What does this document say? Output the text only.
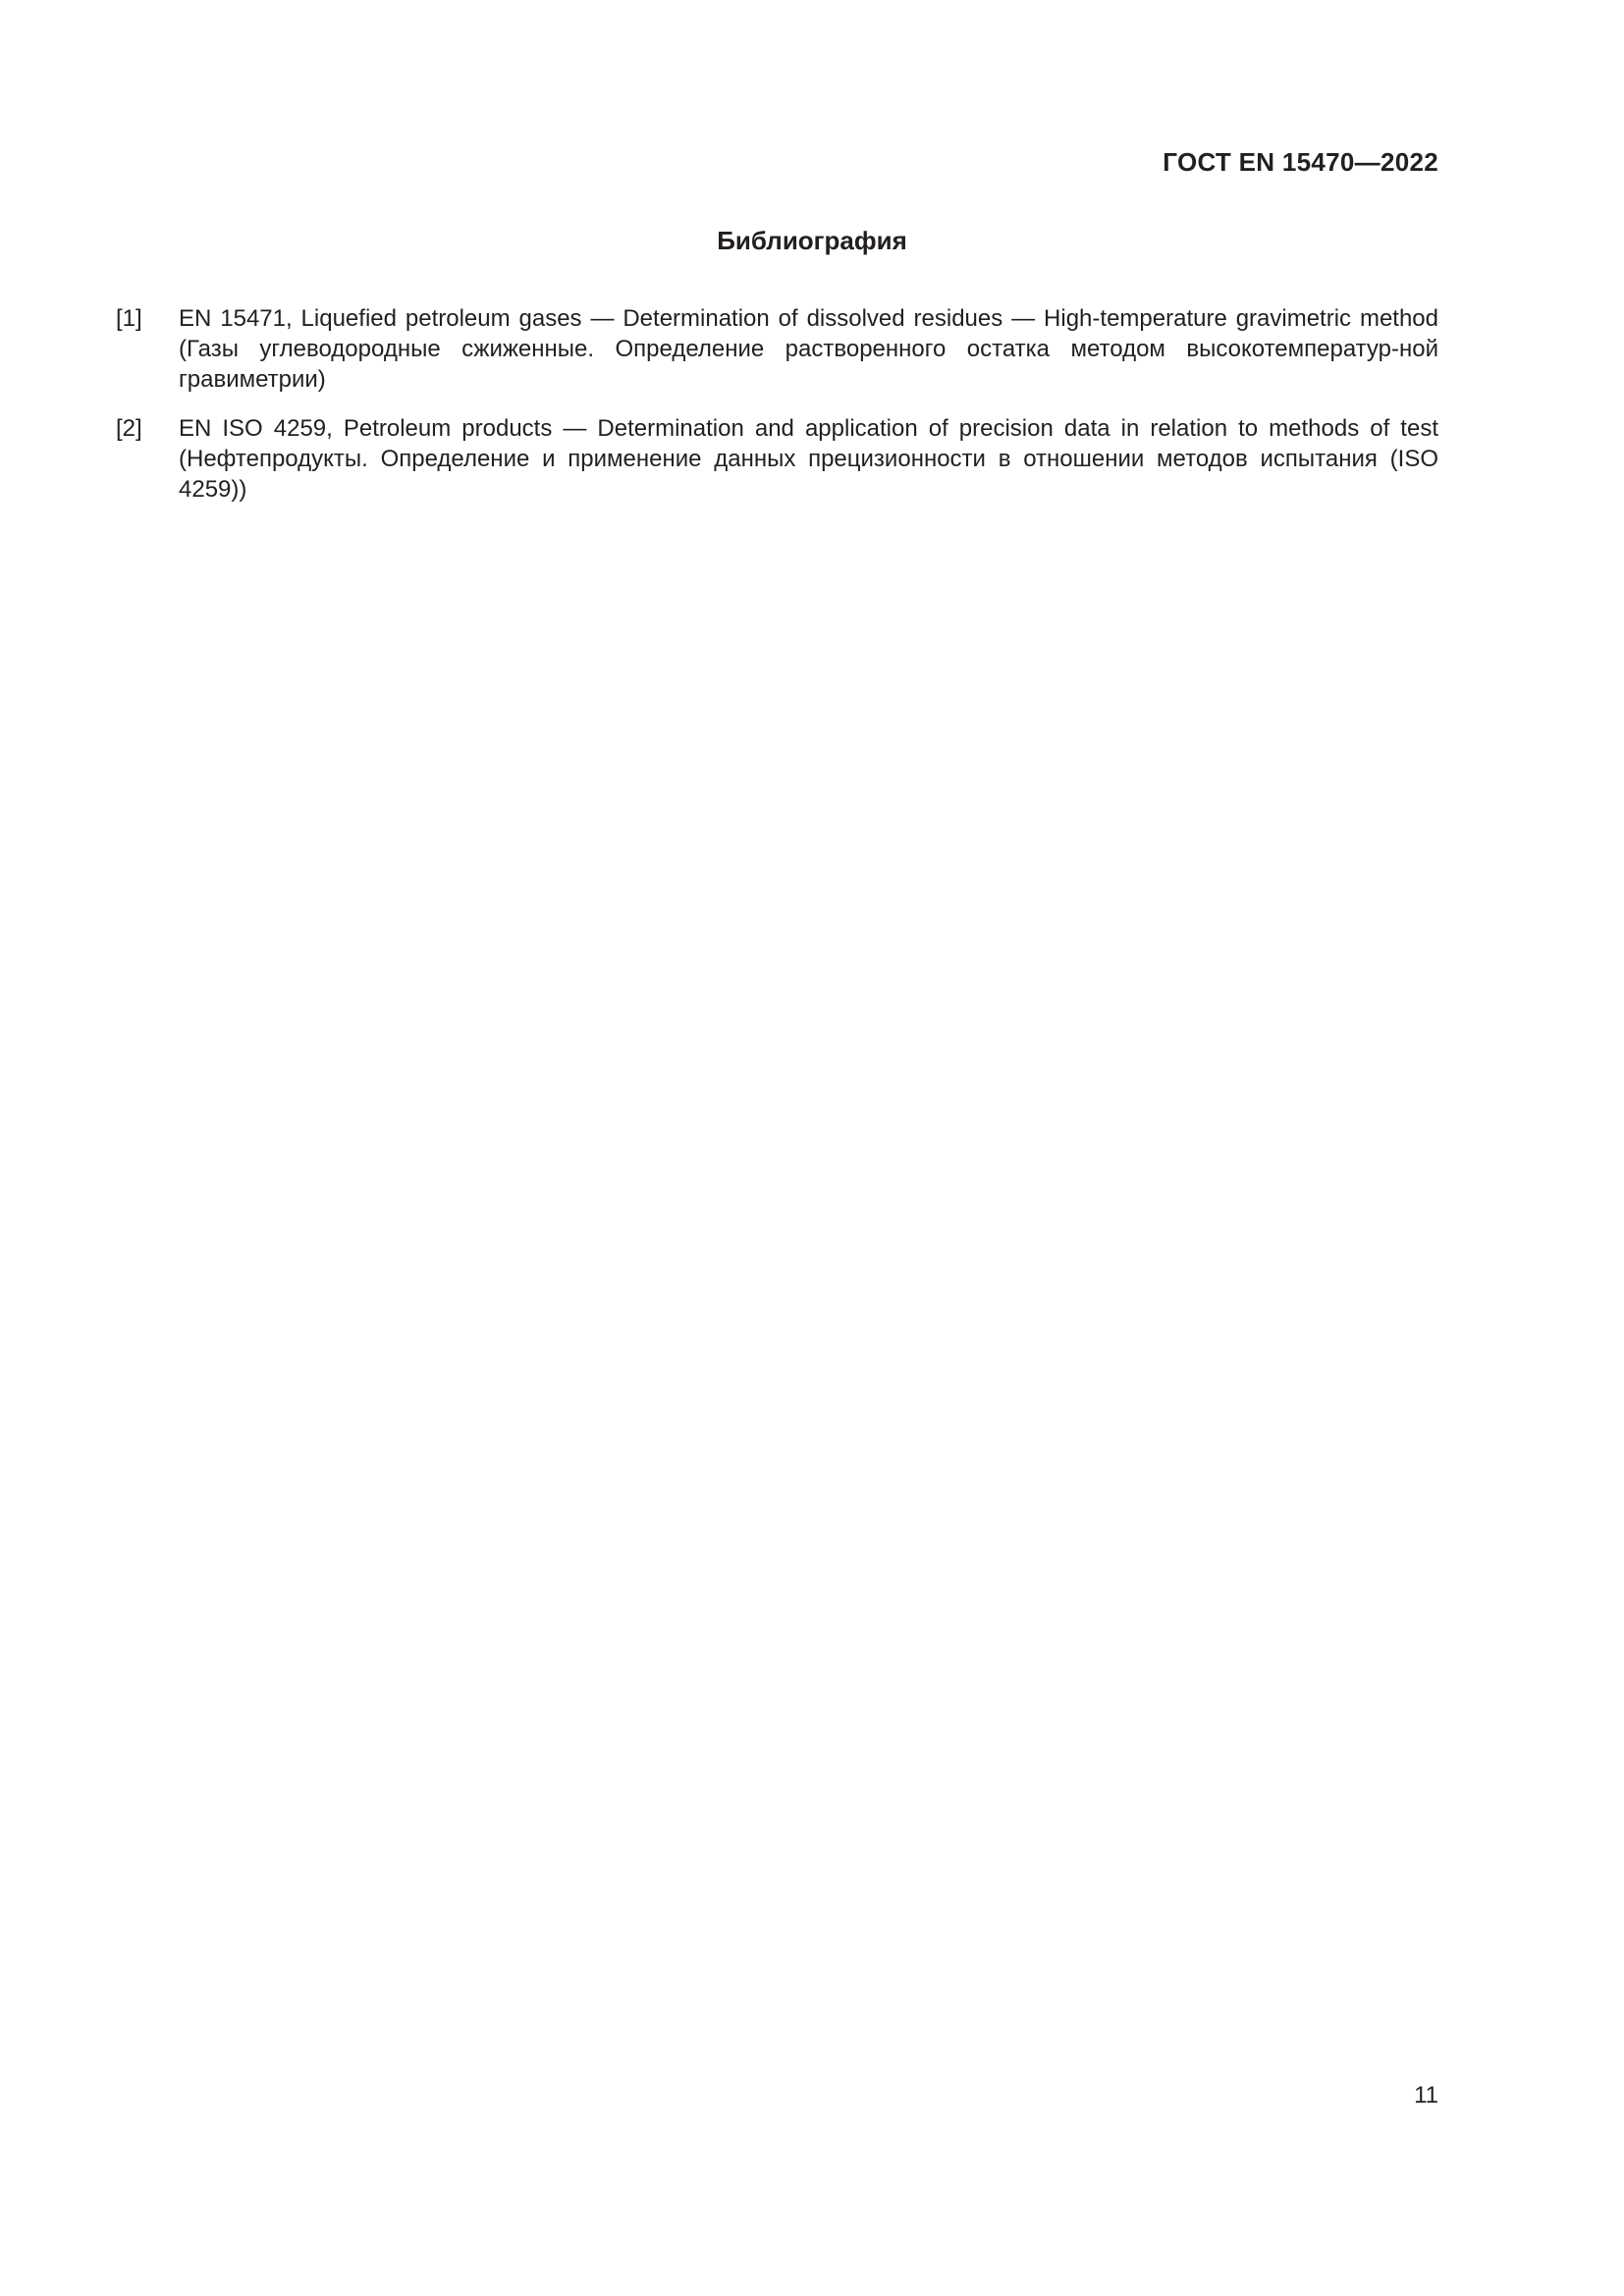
ГОСТ EN 15470—2022

Библиография
[1]	EN 15471, Liquefied petroleum gases — Determination of dissolved residues — High-temperature gravimetric method (Газы углеводородные сжиженные. Определение растворенного остатка методом высокотемператур-ной гравиметрии)
[2]	EN ISO 4259, Petroleum products — Determination and application of precision data in relation to methods of test (Нефтепродукты. Определение и применение данных прецизионности в отношении методов испытания (ISO 4259))

11
